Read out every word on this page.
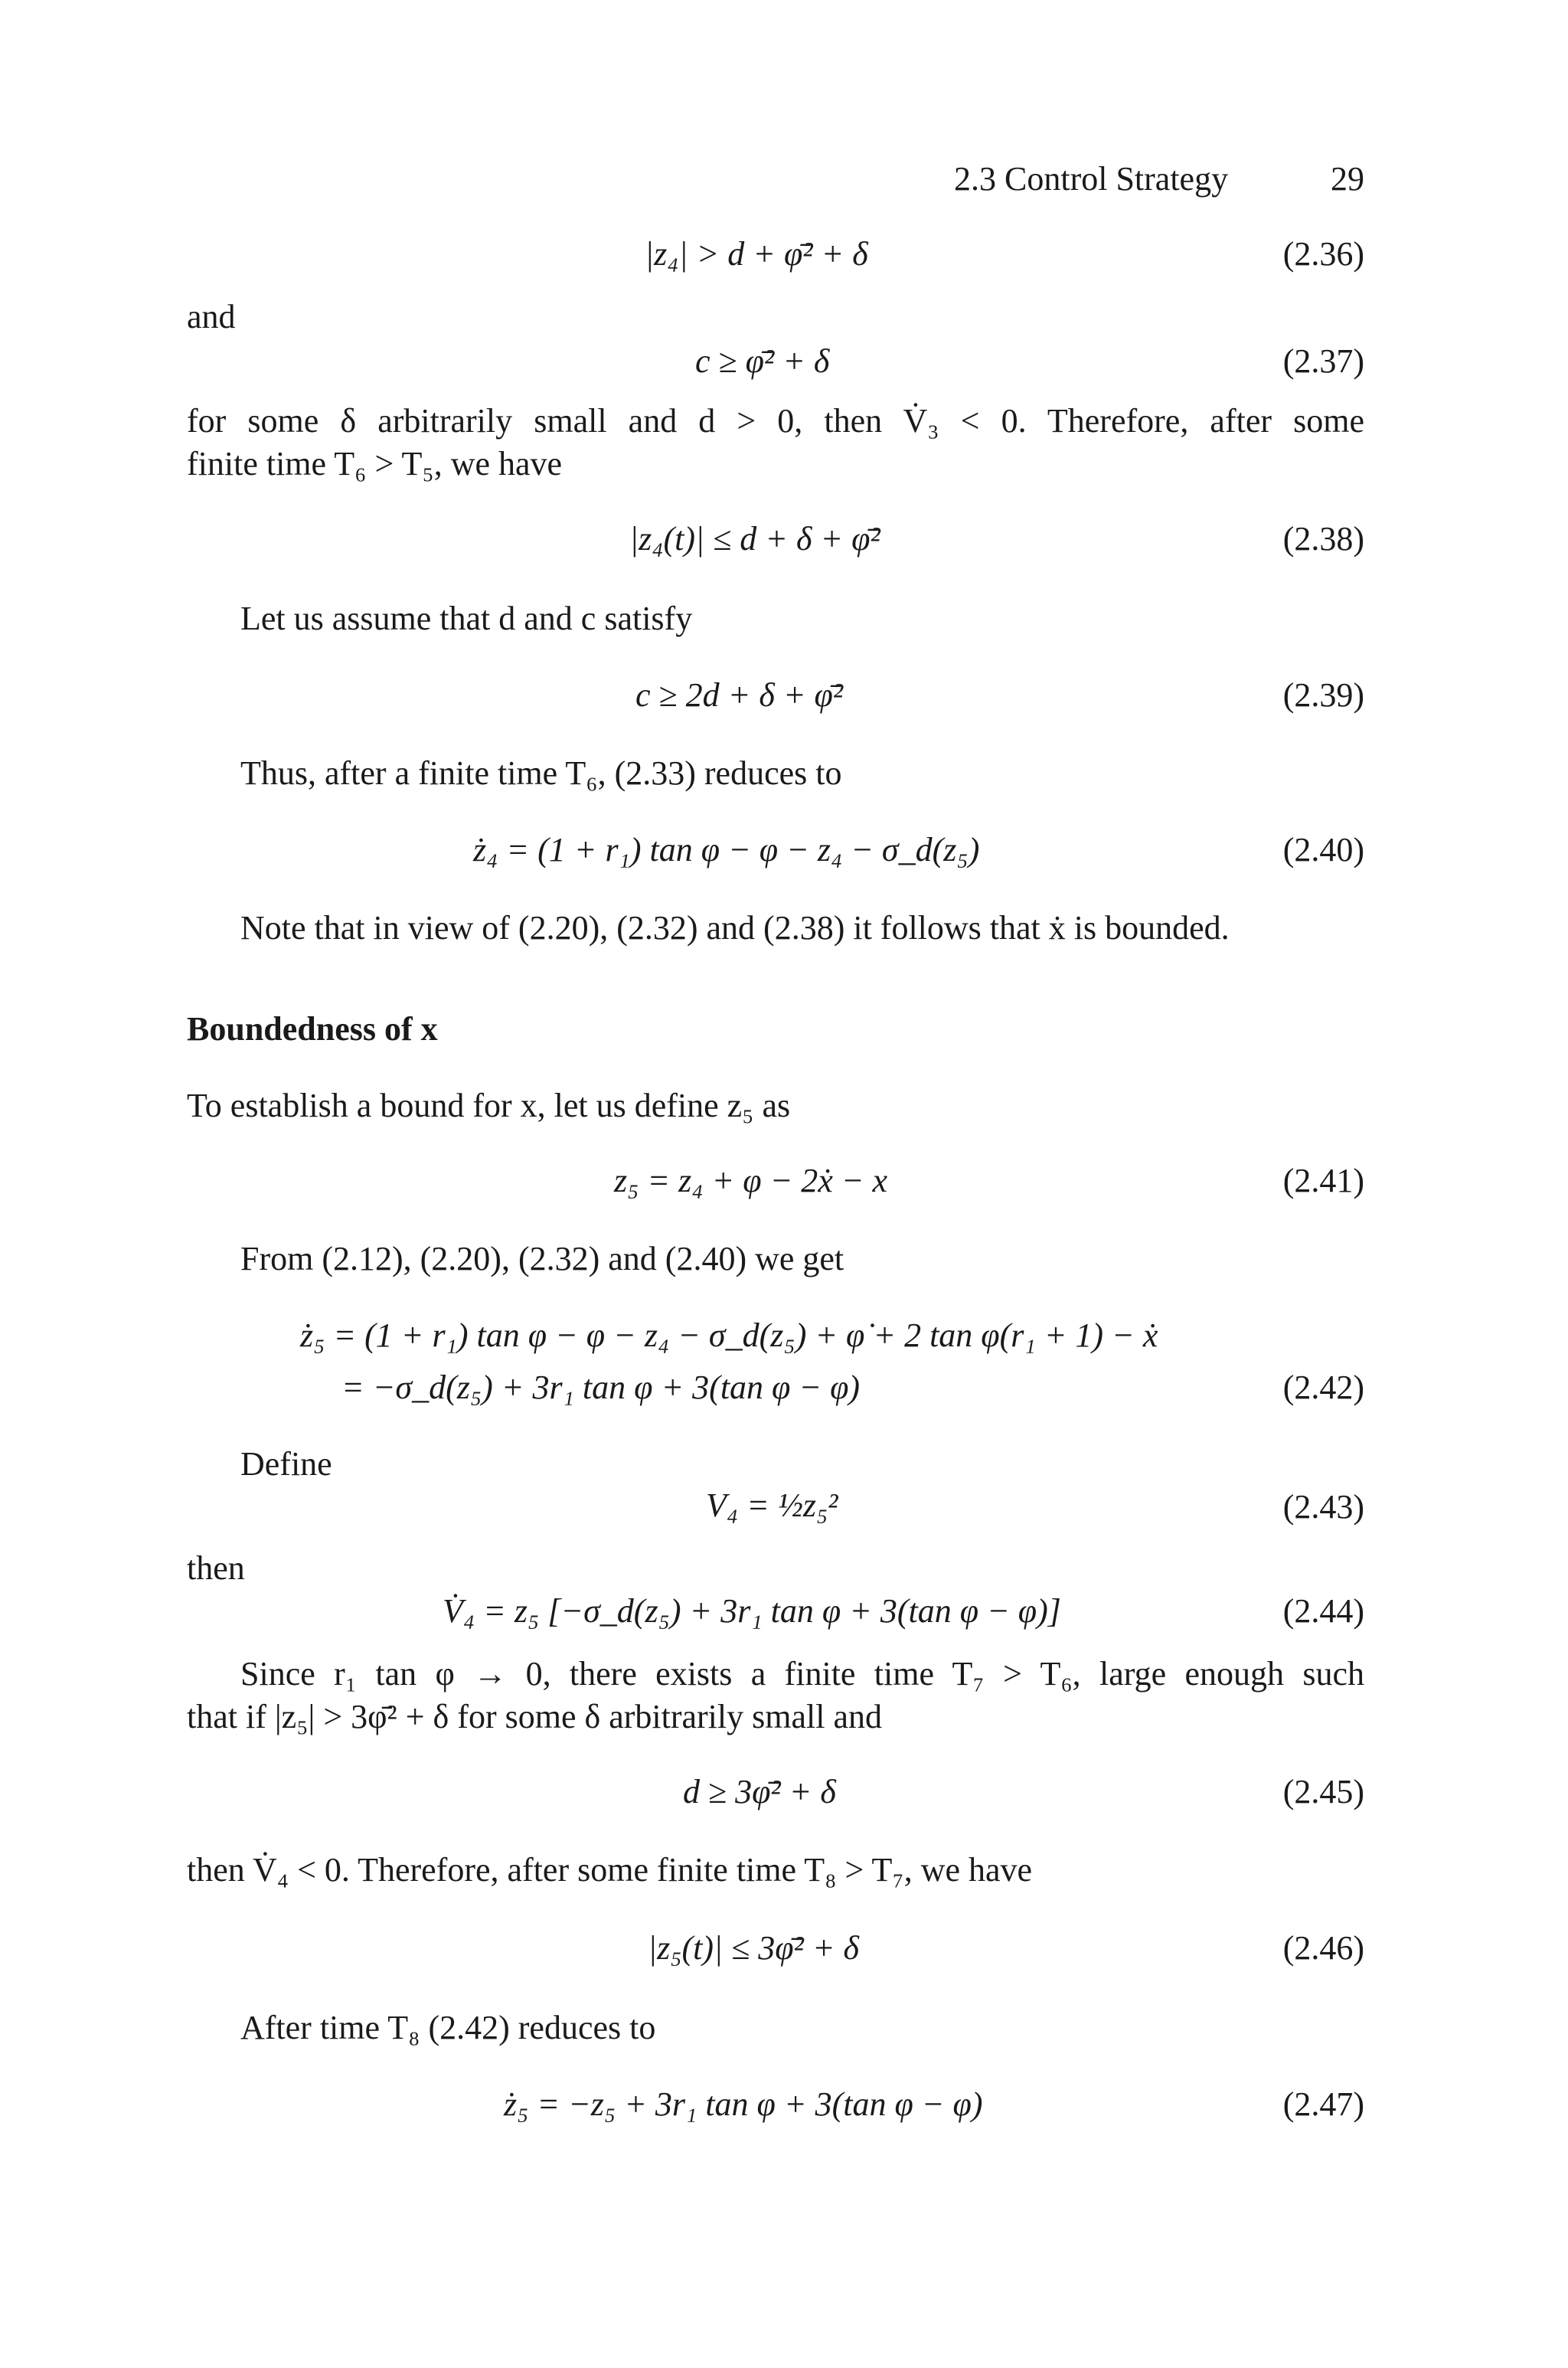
2.3 Control Strategy	29
|z₄| > d + φ̄² + δ	(2.36)
and
c ≥ φ̄² + δ	(2.37)
for some δ arbitrarily small and d > 0, then V̇₃ < 0. Therefore, after some
finite time T₆ > T₅, we have
|z₄(t)| ≤ d + δ + φ̄²	(2.38)
Let us assume that d and c satisfy
c ≥ 2d + δ + φ̄²	(2.39)
Thus, after a finite time T₆, (2.33) reduces to
ż₄ = (1 + r₁) tan φ − φ − z₄ − σ_d(z₅)	(2.40)
Note that in view of (2.20), (2.32) and (2.38) it follows that ẋ is bounded.
Boundedness of x
To establish a bound for x, let us define z₅ as
z₅ = z₄ + φ − 2ẋ − x	(2.41)
From (2.12), (2.20), (2.32) and (2.40) we get
ż₅ = (1 + r₁) tan φ − φ − z₄ − σ_d(z₅) + φ̇ + 2 tan φ(r₁ + 1) − ẋ
= −σ_d(z₅) + 3r₁ tan φ + 3(tan φ − φ)	(2.42)
Define
V₄ = ½z₅²	(2.43)
then
V̇₄ = z₅ [−σ_d(z₅) + 3r₁ tan φ + 3(tan φ − φ)]	(2.44)
Since r₁ tan φ → 0, there exists a finite time T₇ > T₆, large enough such
that if |z₅| > 3φ̄² + δ for some δ arbitrarily small and
d ≥ 3φ̄² + δ	(2.45)
then V̇₄ < 0. Therefore, after some finite time T₈ > T₇, we have
|z₅(t)| ≤ 3φ̄² + δ	(2.46)
After time T₈ (2.42) reduces to
ż₅ = −z₅ + 3r₁ tan φ + 3(tan φ − φ)	(2.47)
